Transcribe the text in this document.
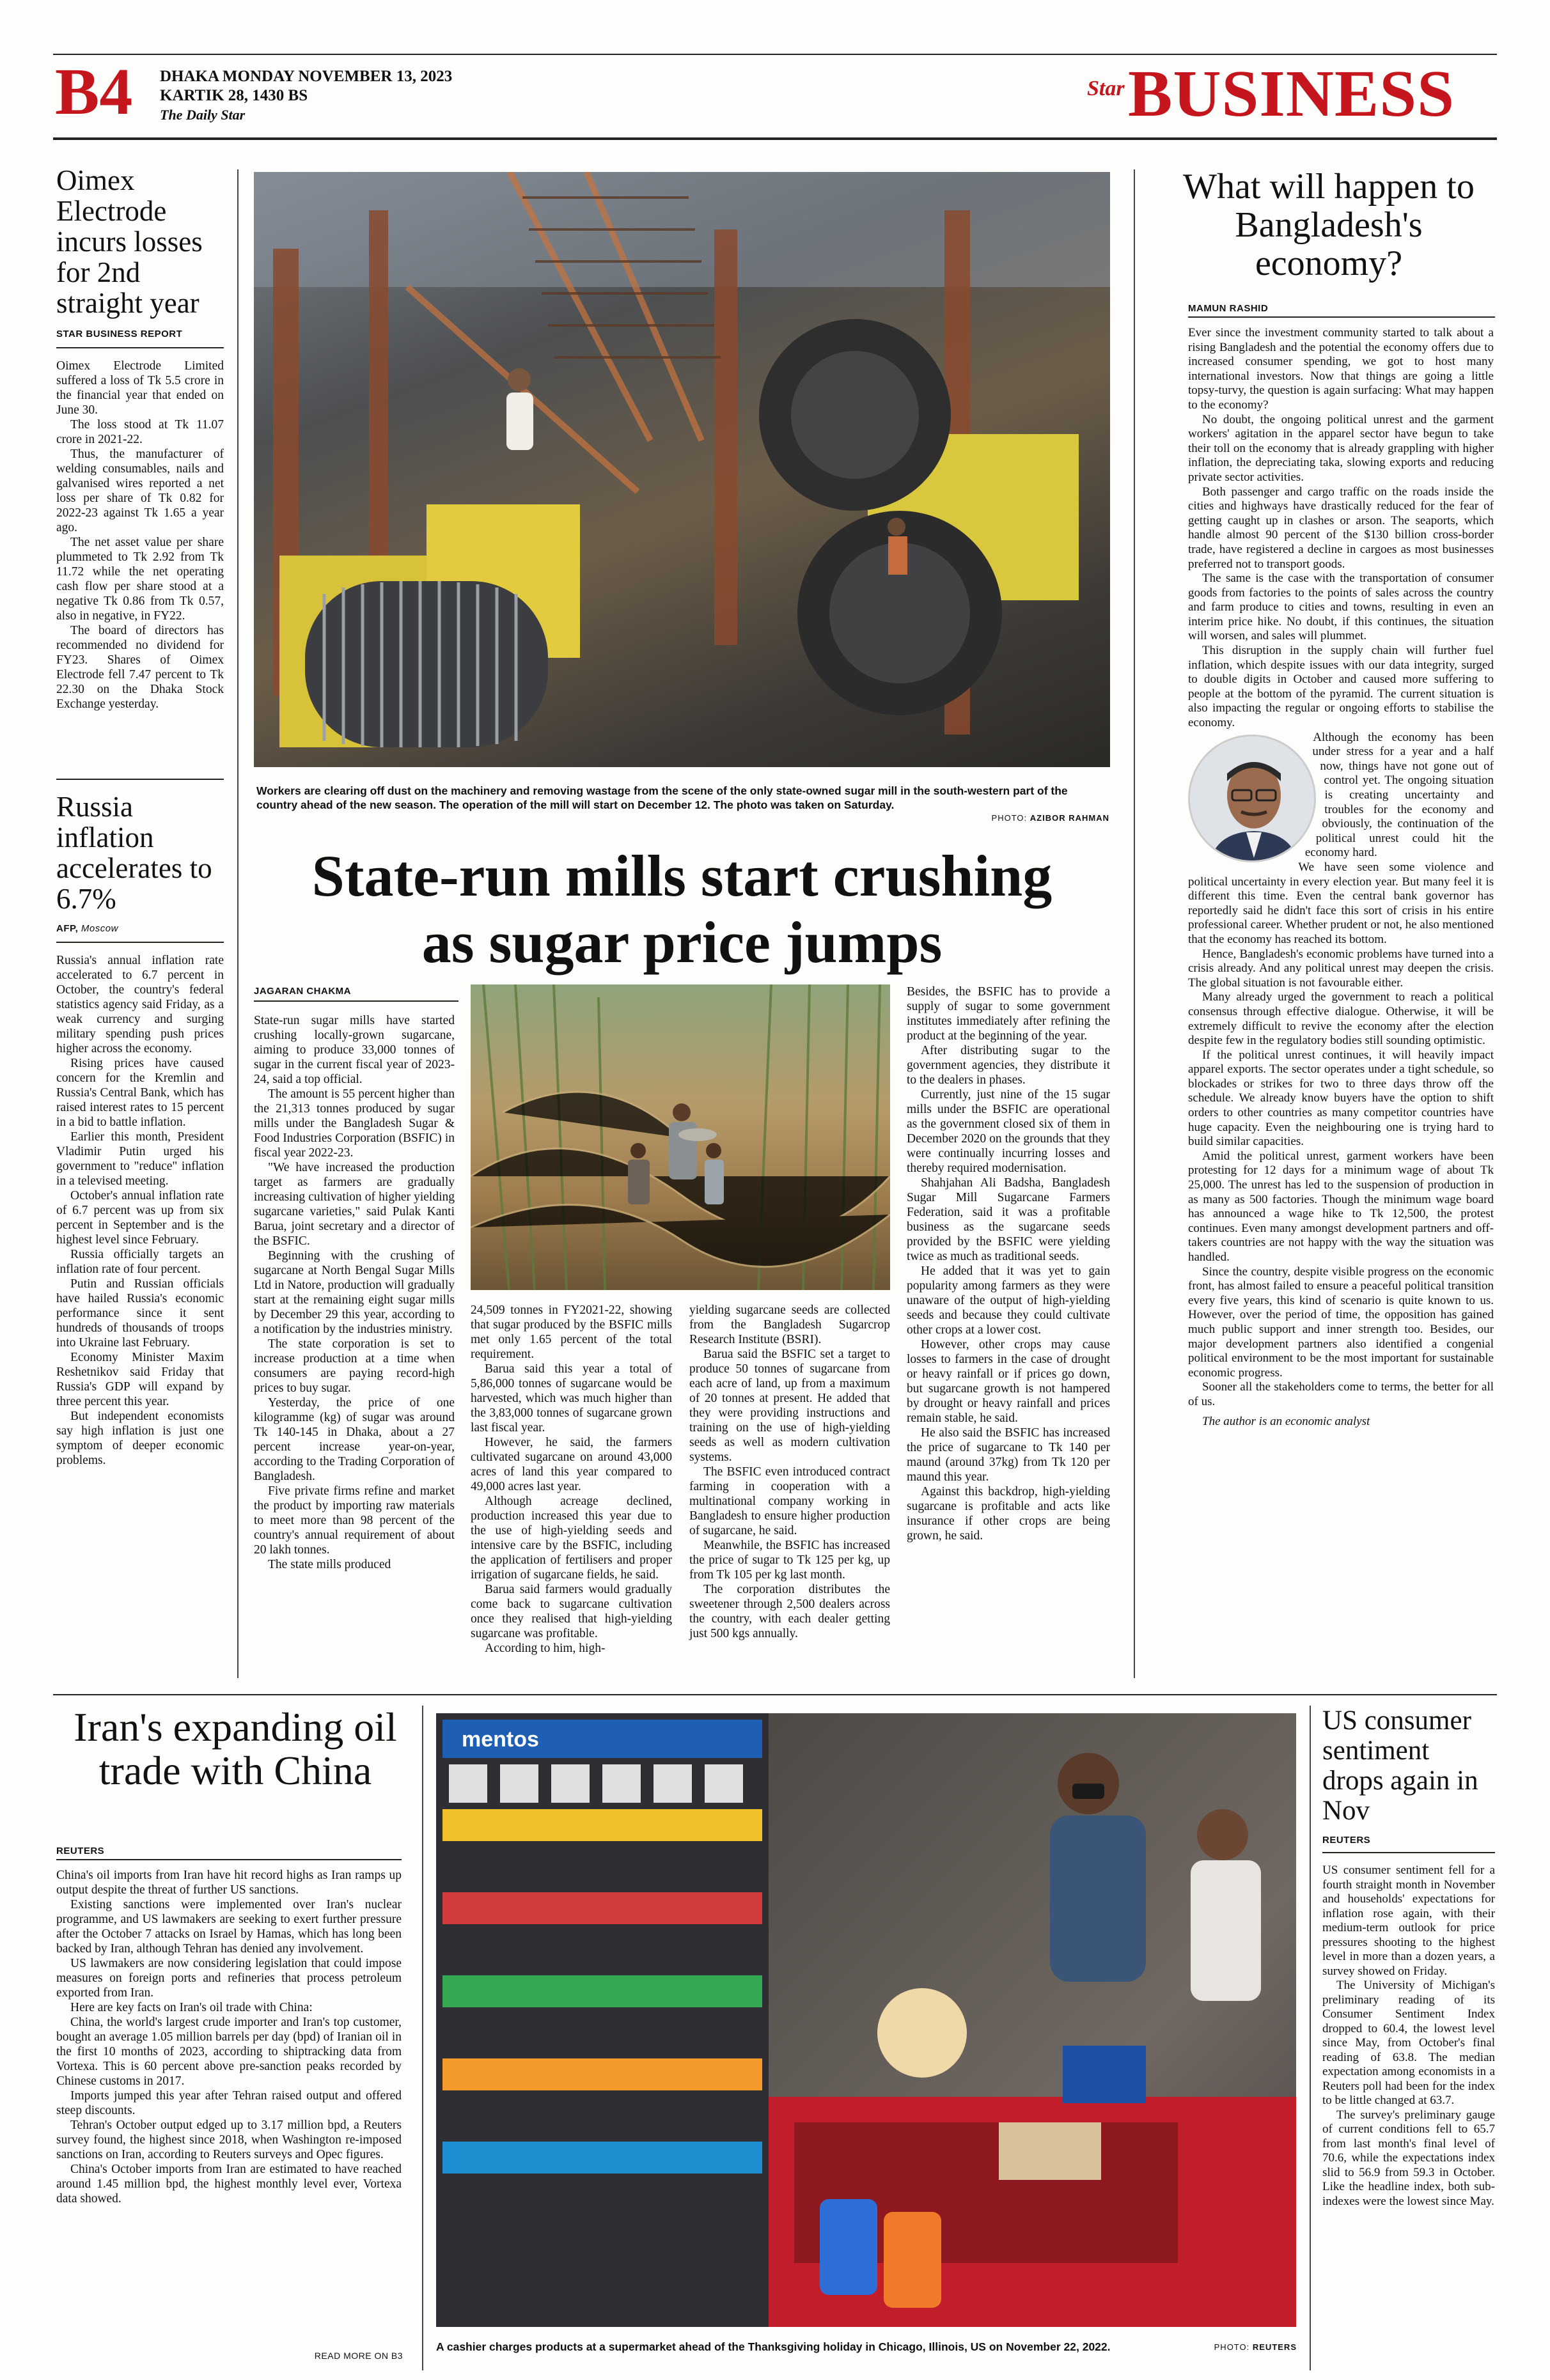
B4 DHAKA MONDAY NOVEMBER 13, 2023
KARTIK 28, 1430 BS
The Daily Star
Star BUSINESS
Oimex Electrode incurs losses for 2nd straight year
STAR BUSINESS REPORT

Oimex Electrode Limited suffered a loss of Tk 5.5 crore in the financial year that ended on June 30.

The loss stood at Tk 11.07 crore in 2021-22.

Thus, the manufacturer of welding consumables, nails and galvanised wires reported a net loss per share of Tk 0.82 for 2022-23 against Tk 1.65 a year ago.

The net asset value per share plummeted to Tk 2.92 from Tk 11.72 while the net operating cash flow per share stood at a negative Tk 0.86 from Tk 0.57, also in negative, in FY22.

The board of directors has recommended no dividend for FY23. Shares of Oimex Electrode fell 7.47 percent to Tk 22.30 on the Dhaka Stock Exchange yesterday.

Russia inflation accelerates to 6.7%
AFP, Moscow

Russia's annual inflation rate accelerated to 6.7 percent in October, the country's federal statistics agency said Friday, as a weak currency and surging military spending push prices higher across the economy.

Rising prices have caused concern for the Kremlin and Russia's Central Bank, which has raised interest rates to 15 percent in a bid to battle inflation.

Earlier this month, President Vladimir Putin urged his government to "reduce" inflation in a televised meeting.

October's annual inflation rate of 6.7 percent was up from six percent in September and is the highest level since February.

Russia officially targets an inflation rate of four percent.

Putin and Russian officials have hailed Russia's economic performance since it sent hundreds of thousands of troops into Ukraine last February.

Economy Minister Maxim Reshetnikov said Friday that Russia's GDP will expand by three percent this year.

But independent economists say high inflation is just one symptom of deeper economic problems.

Workers are clearing off dust on the machinery and removing wastage from the scene of the only state-owned sugar mill in the south-western part of the country ahead of the new season. The operation of the mill will start on December 12. The photo was taken on Saturday.
PHOTO: AZIBOR RAHMAN
State-run mills start crushing
as sugar price jumps
JAGARAN CHAKMA

State-run sugar mills have started crushing locally-grown sugarcane, aiming to produce 33,000 tonnes of sugar in the current fiscal year of 2023-24, said a top official.

The amount is 55 percent higher than the 21,313 tonnes produced by sugar mills under the Bangladesh Sugar & Food Industries Corporation (BSFIC) in fiscal year 2022-23.

"We have increased the production target as farmers are gradually increasing cultivation of higher yielding sugarcane varieties," said Pulak Kanti Barua, joint secretary and a director of the BSFIC.

Beginning with the crushing of sugarcane at North Bengal Sugar Mills Ltd in Natore, production will gradually start at the remaining eight sugar mills by December 29 this year, according to a notification by the industries ministry.

The state corporation is set to increase production at a time when consumers are paying record-high prices to buy sugar.

Yesterday, the price of one kilogramme (kg) of sugar was around Tk 140-145 in Dhaka, about a 27 percent increase year-on-year, according to the Trading Corporation of Bangladesh.

Five private firms refine and market the product by importing raw materials to meet more than 98 percent of the country's annual requirement of about 20 lakh tonnes.

The state mills produced

24,509 tonnes in FY2021-22, showing that sugar produced by the BSFIC mills met only 1.65 percent of the total requirement.

Barua said this year a total of 5,86,000 tonnes of sugarcane would be harvested, which was much higher than the 3,83,000 tonnes of sugarcane grown last fiscal year.

However, he said, the farmers cultivated sugarcane on around 43,000 acres of land this year compared to 49,000 acres last year.

Although acreage declined, production increased this year due to the use of high-yielding seeds and intensive care by the BSFIC, including the application of fertilisers and proper irrigation of sugarcane fields, he said.

Barua said farmers would gradually come back to sugarcane cultivation once they realised that high-yielding sugarcane was profitable.

According to him, high-

yielding sugarcane seeds are collected from the Bangladesh Sugarcrop Research Institute (BSRI).

Barua said the BSFIC set a target to produce 50 tonnes of sugarcane from each acre of land, up from a maximum of 20 tonnes at present. He added that they were providing instructions and training on the use of high-yielding seeds as well as modern cultivation systems.

The BSFIC even introduced contract farming in cooperation with a multinational company working in Bangladesh to ensure higher production of sugarcane, he said.

Meanwhile, the BSFIC has increased the price of sugar to Tk 125 per kg, up from Tk 105 per kg last month.

The corporation distributes the sweetener through 2,500 dealers across the country, with each dealer getting just 500 kgs annually.

Besides, the BSFIC has to provide a supply of sugar to some government institutes immediately after refining the product at the beginning of the year.

After distributing sugar to the government agencies, they distribute it to the dealers in phases.

Currently, just nine of the 15 sugar mills under the BSFIC are operational as the government closed six of them in December 2020 on the grounds that they were continually incurring losses and thereby required modernisation.

Shahjahan Ali Badsha, Bangladesh Sugar Mill Sugarcane Farmers Federation, said it was a profitable business as the sugarcane seeds provided by the BSFIC were yielding twice as much as traditional seeds.

He added that it was yet to gain popularity among farmers as they were unaware of the output of high-yielding seeds and because they could cultivate other crops at a lower cost.

However, other crops may cause losses to farmers in the case of drought or heavy rainfall or if prices go down, but sugarcane growth is not hampered by drought or heavy rainfall and prices remain stable, he said.

He also said the BSFIC has increased the price of sugarcane to Tk 140 per maund (around 37kg) from Tk 120 per maund this year.

Against this backdrop, high-yielding sugarcane is profitable and acts like insurance if other crops are being grown, he said.

What will happen to Bangladesh's economy?
MAMUN RASHID

Ever since the investment community started to talk about a rising Bangladesh and the potential the economy offers due to increased consumer spending, we got to host many international investors. Now that things are going a little topsy-turvy, the question is again surfacing: What may happen to the economy?

No doubt, the ongoing political unrest and the garment workers' agitation in the apparel sector have begun to take their toll on the economy that is already grappling with higher inflation, the depreciating taka, slowing exports and reducing private sector activities.

Both passenger and cargo traffic on the roads inside the cities and highways have drastically reduced for the fear of getting caught up in clashes or arson. The seaports, which handle almost 90 percent of the $130 billion cross-border trade, have registered a decline in cargoes as most businesses preferred not to transport goods.

The same is the case with the transportation of consumer goods from factories to the points of sales across the country and farm produce to cities and towns, resulting in even an interim price hike. No doubt, if this continues, the situation will worsen, and sales will plummet.

This disruption in the supply chain will further fuel inflation, which despite issues with our data integrity, surged to double digits in October and caused more suffering to people at the bottom of the pyramid. The current situation is also impacting the regular or ongoing efforts to stabilise the economy.

Although the economy has been under stress for a year and a half now, things have not gone out of control yet. The ongoing situation is creating uncertainty and troubles for the economy and obviously, the continuation of the political unrest could hit the economy hard.

We have seen some violence and political uncertainty in every election year. But many feel it is different this time. Even the central bank governor has reportedly said he didn't face this sort of crisis in his entire professional career. Whether prudent or not, he also mentioned that the economy has reached its bottom.

Hence, Bangladesh's economic problems have turned into a crisis already. And any political unrest may deepen the crisis. The global situation is not favourable either.

Many already urged the government to reach a political consensus through effective dialogue. Otherwise, it will be extremely difficult to revive the economy after the election despite few in the regulatory bodies still sounding optimistic.

If the political unrest continues, it will heavily impact apparel exports. The sector operates under a tight schedule, so blockades or strikes for two to three days throw off the schedule. We already know buyers have the option to shift orders to other countries as many competitor countries have huge capacity. Even the neighbouring one is trying hard to build similar capacities.

Amid the political unrest, garment workers have been protesting for 12 days for a minimum wage of about Tk 25,000. The unrest has led to the suspension of production in as many as 500 factories. Though the minimum wage board has announced a wage hike to Tk 12,500, the protest continues. Even many amongst development partners and off-takers countries are not happy with the way the situation was handled.

Since the country, despite visible progress on the economic front, has almost failed to ensure a peaceful political transition every five years, this kind of scenario is quite known to us. However, over the period of time, the opposition has gained much public support and inner strength too. Besides, our major development partners also identified a congenial political environment to be the most important for sustainable economic progress.

Sooner all the stakeholders come to terms, the better for all of us.

The author is an economic analyst

Iran's expanding oil trade with China
REUTERS

China's oil imports from Iran have hit record highs as Iran ramps up output despite the threat of further US sanctions.

Existing sanctions were implemented over Iran's nuclear programme, and US lawmakers are seeking to exert further pressure after the October 7 attacks on Israel by Hamas, which has long been backed by Iran, although Tehran has denied any involvement.

US lawmakers are now considering legislation that could impose measures on foreign ports and refineries that process petroleum exported from Iran.

Here are key facts on Iran's oil trade with China:

China, the world's largest crude importer and Iran's top customer, bought an average 1.05 million barrels per day (bpd) of Iranian oil in the first 10 months of 2023, according to shiptracking data from Vortexa. This is 60 percent above pre-sanction peaks recorded by Chinese customs in 2017.

Imports jumped this year after Tehran raised output and offered steep discounts.

Tehran's October output edged up to 3.17 million bpd, a Reuters survey found, the highest since 2018, when Washington re-imposed sanctions on Iran, according to Reuters surveys and Opec figures.

China's October imports from Iran are estimated to have reached around 1.45 million bpd, the highest monthly level ever, Vortexa data showed.

READ MORE ON B3
mentos
A cashier charges products at a supermarket ahead of the Thanksgiving holiday in Chicago, Illinois, US on November 22, 2022.	PHOTO: REUTERS
US consumer sentiment drops again in Nov
REUTERS

US consumer sentiment fell for a fourth straight month in November and households' expectations for inflation rose again, with their medium-term outlook for price pressures shooting to the highest level in more than a dozen years, a survey showed on Friday.

The University of Michigan's preliminary reading of its Consumer Sentiment Index dropped to 60.4, the lowest level since May, from October's final reading of 63.8. The median expectation among economists in a Reuters poll had been for the index to be little changed at 63.7.

The survey's preliminary gauge of current conditions fell to 65.7 from last month's final level of 70.6, while the expectations index slid to 56.9 from 59.3 in October. Like the headline index, both sub-indexes were the lowest since May.
